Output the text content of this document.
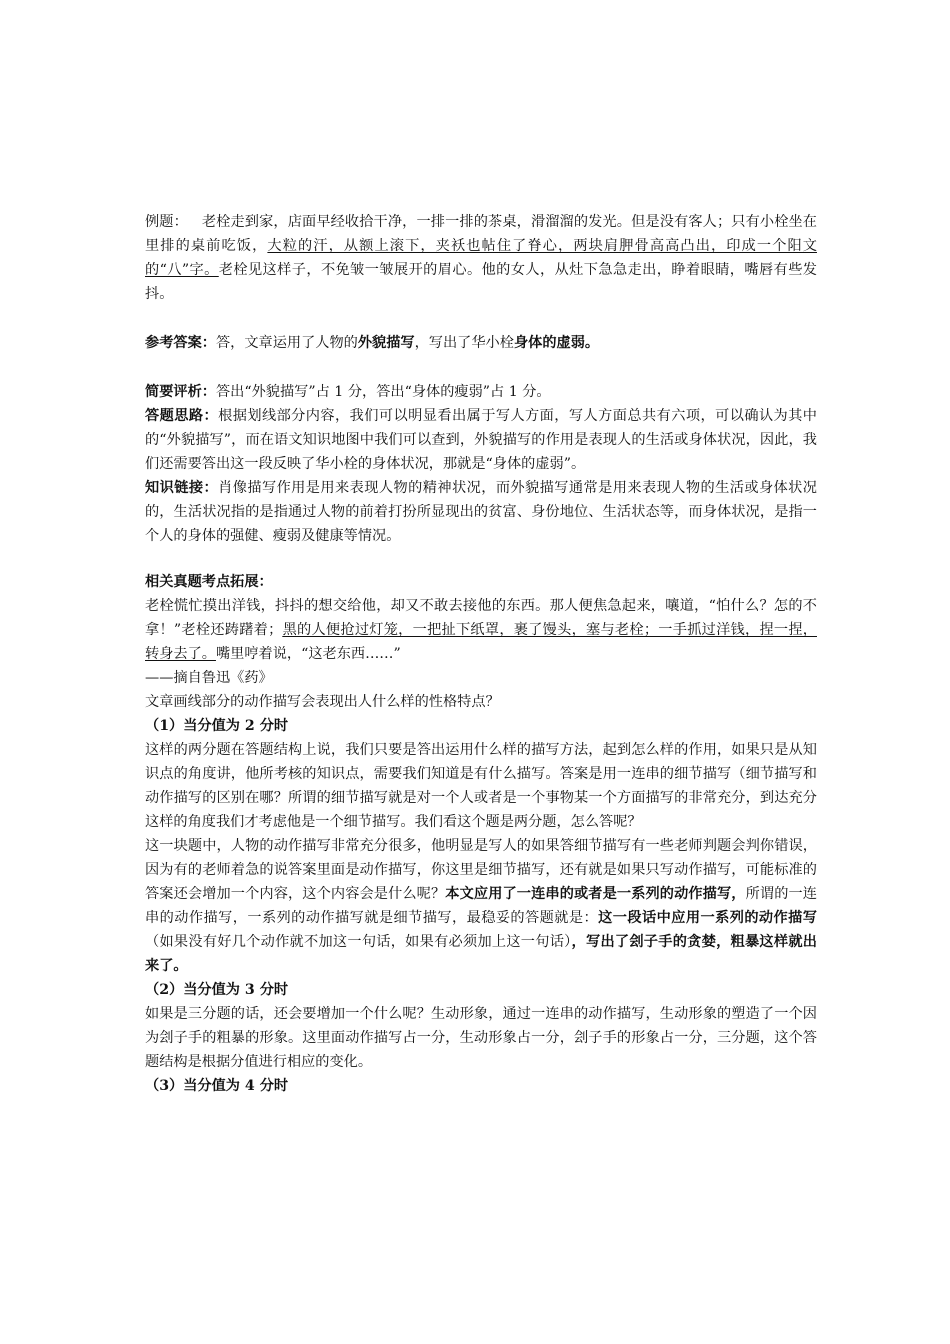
例题： 老栓走到家，店面早经收拾干净，一排一排的茶桌，滑溜溜的发光。但是没有客人；只有小栓坐在里排的桌前吃饭，大粒的汗，从额上滚下，夹袄也帖住了脊心，两块肩胛骨高高凸出，印成一个阳文的“八”字。老栓见这样子，不免皱一皱展开的眉心。他的女人，从灶下急急走出，睁着眼睛，嘴唇有些发抖。

参考答案：答，文章运用了人物的外貌描写，写出了华小栓身体的虚弱。

简要评析：答出“外貌描写”占 1 分，答出“身体的瘦弱”占 1 分。

答题思路：根据划线部分内容，我们可以明显看出属于写人方面，写人方面总共有六项，可以确认为其中的“外貌描写”，而在语文知识地图中我们可以查到，外貌描写的作用是表现人的生活或身体状况，因此，我们还需要答出这一段反映了华小栓的身体状况，那就是“身体的虚弱”。

知识链接：肖像描写作用是用来表现人物的精神状况，而外貌描写通常是用来表现人物的生活或身体状况的，生活状况指的是指通过人物的前着打扮所显现出的贫富、身份地位、生活状态等，而身体状况，是指一个人的身体的强健、瘦弱及健康等情况。

相关真题考点拓展：

老栓慌忙摸出洋钱，抖抖的想交给他，却又不敢去接他的东西。那人便焦急起来，嚷道，“怕什么？怎的不拿！”老栓还踌躇着；黑的人便抢过灯笼，一把扯下纸罩，裹了馒头，塞与老栓；一手抓过洋钱，捏一捏，转身去了。嘴里哼着说，“这老东西……”

——摘自鲁迅《药》

文章画线部分的动作描写会表现出人什么样的性格特点？

（1）当分值为 2 分时

这样的两分题在答题结构上说，我们只要是答出运用什么样的描写方法，起到怎么样的作用，如果只是从知识点的角度讲，他所考核的知识点，需要我们知道是有什么描写。答案是用一连串的细节描写（细节描写和动作描写的区别在哪？所谓的细节描写就是对一个人或者是一个事物某一个方面描写的非常充分，到达充分这样的角度我们才考虑他是一个细节描写。我们看这个题是两分题，怎么答呢？

这一块题中，人物的动作描写非常充分很多，他明显是写人的如果答细节描写有一些老师判题会判你错误，因为有的老师着急的说答案里面是动作描写，你这里是细节描写，还有就是如果只写动作描写，可能标准的答案还会增加一个内容，这个内容会是什么呢？本文应用了一连串的或者是一系列的动作描写，所谓的一连串的动作描写，一系列的动作描写就是细节描写，最稳妥的答题就是：这一段话中应用一系列的动作描写（如果没有好几个动作就不加这一句话，如果有必须加上这一句话），写出了刽子手的贪婪，粗暴这样就出来了。

（2）当分值为 3 分时

如果是三分题的话，还会要增加一个什么呢？生动形象，通过一连串的动作描写，生动形象的塑造了一个因为刽子手的粗暴的形象。这里面动作描写占一分，生动形象占一分，刽子手的形象占一分，三分题，这个答题结构是根据分值进行相应的变化。

（3）当分值为 4 分时
